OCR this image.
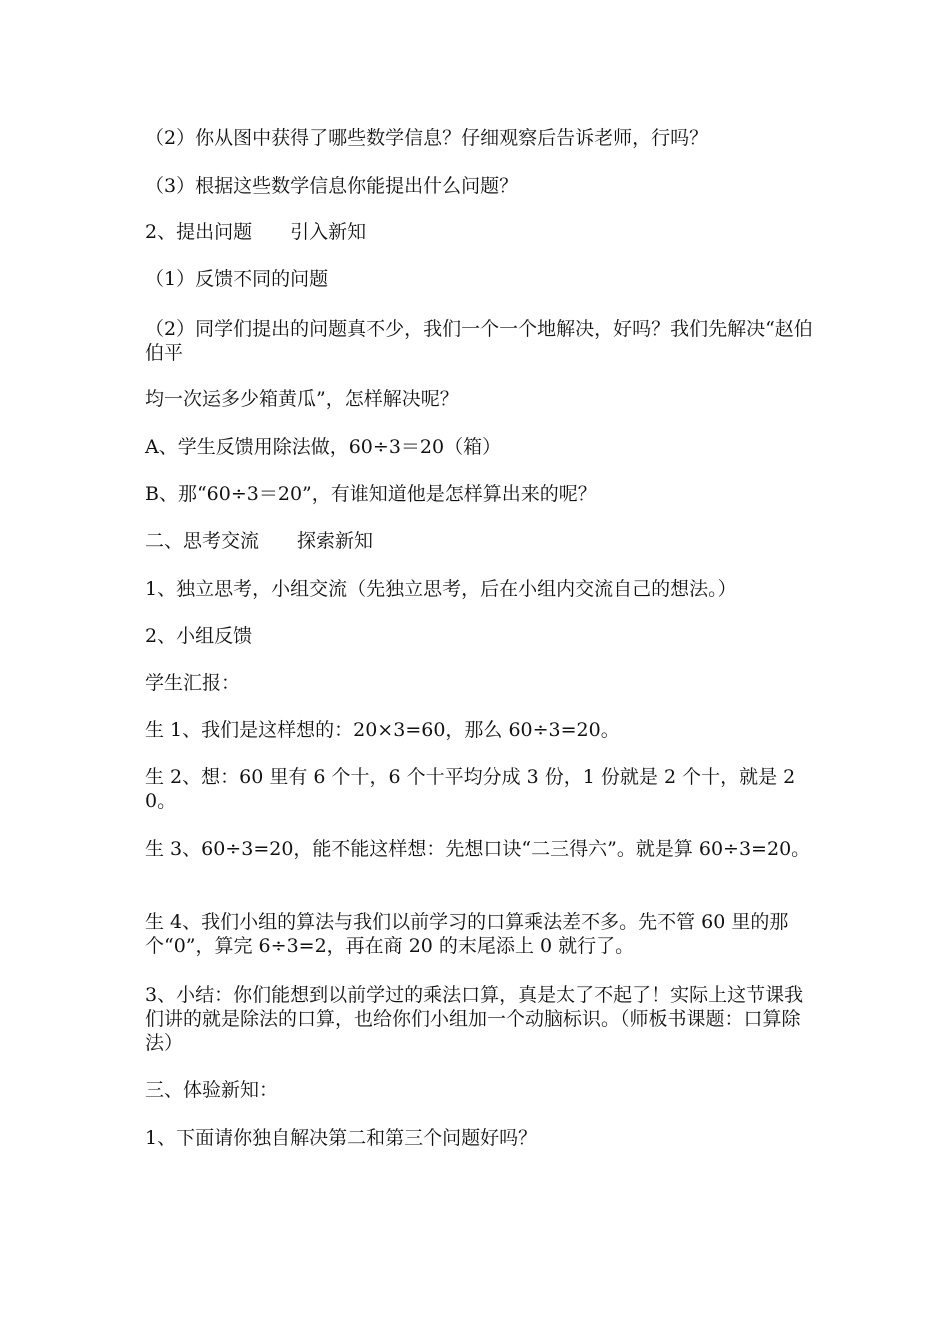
（2）你从图中获得了哪些数学信息？仔细观察后告诉老师，行吗？
（3）根据这些数学信息你能提出什么问题？
2、提出问题　　引入新知
（1）反馈不同的问题
（2）同学们提出的问题真不少，我们一个一个地解决，好吗？我们先解决“赵伯伯平
均一次运多少箱黄瓜”，怎样解决呢？
A、学生反馈用除法做，60÷3＝20（箱）
B、那“60÷3＝20”，有谁知道他是怎样算出来的呢？
二、思考交流　　探索新知
1、独立思考，小组交流（先独立思考，后在小组内交流自己的想法。）
2、小组反馈
学生汇报：
生 1、我们是这样想的：20×3=60，那么 60÷3=20。
生 2、想：60 里有 6 个十，6 个十平均分成 3 份，1 份就是 2 个十，就是 20。
生 3、60÷3=20，能不能这样想：先想口诀“二三得六”。就是算 60÷3=20。
生 4、我们小组的算法与我们以前学习的口算乘法差不多。先不管 60 里的那个“0”，算完 6÷3=2，再在商 20 的末尾添上 0 就行了。
3、小结：你们能想到以前学过的乘法口算，真是太了不起了！实际上这节课我们讲的就是除法的口算，也给你们小组加一个动脑标识。（师板书课题：口算除法）
三、体验新知：
1、下面请你独自解决第二和第三个问题好吗？
